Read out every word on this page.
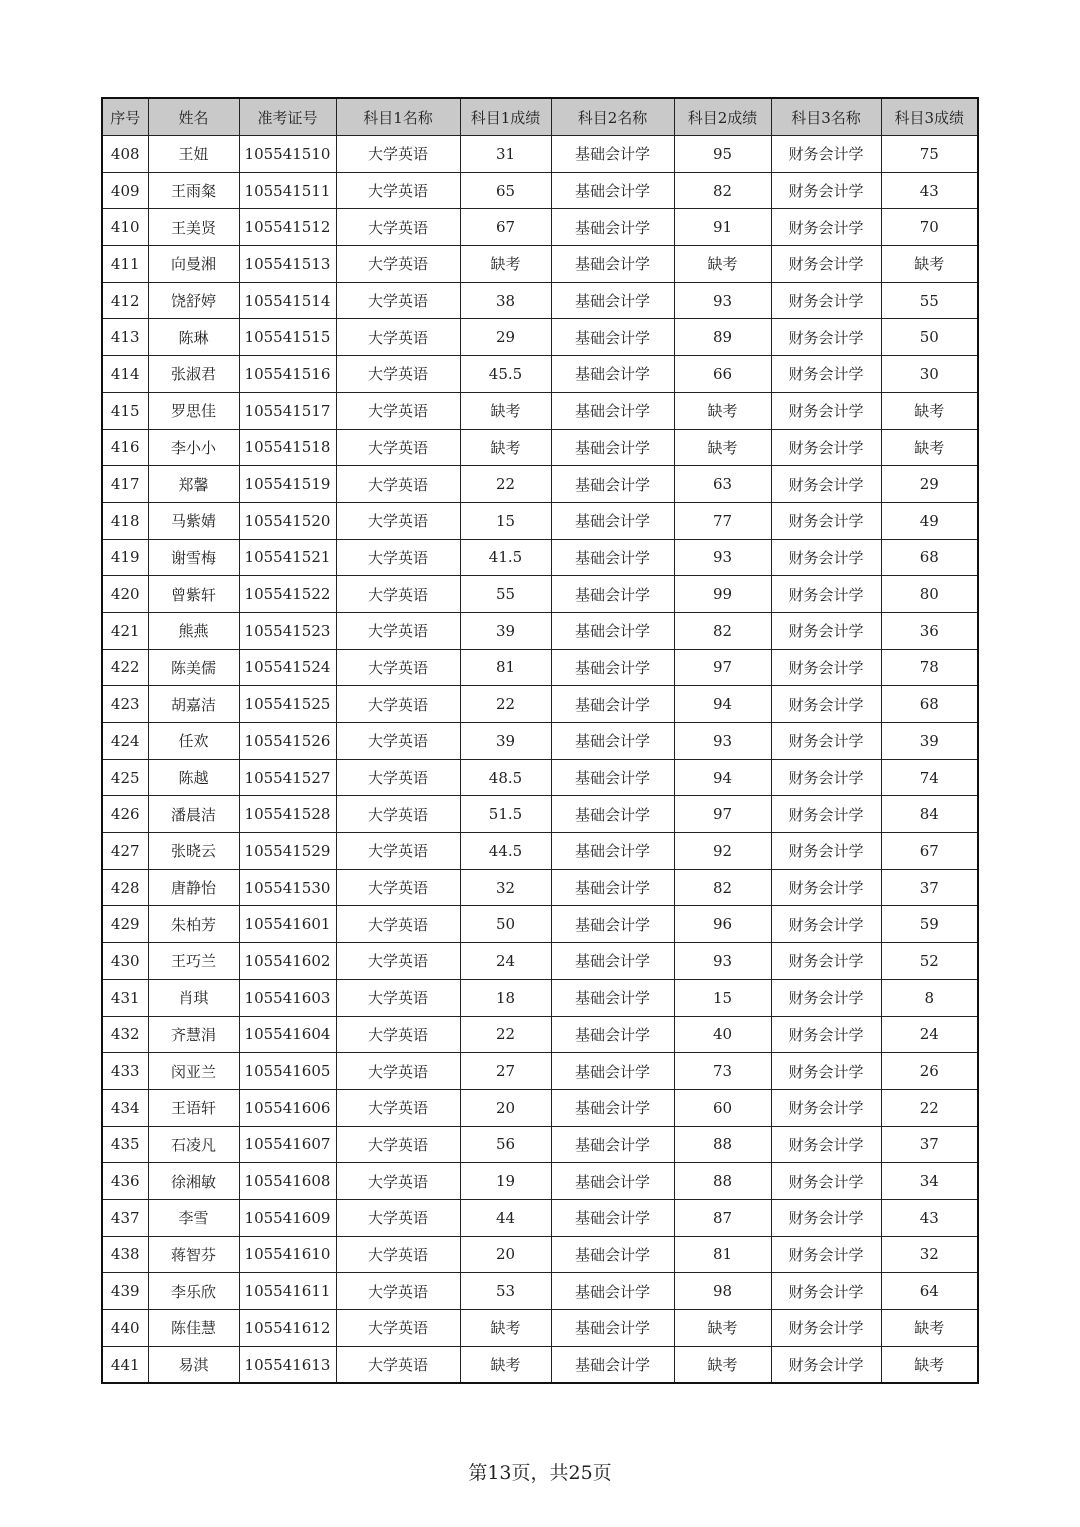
序号	姓名	准考证号	科目1名称	科目1成绩	科目2名称	科目2成绩	科目3名称	科目3成绩
408	王妞	105541510	大学英语	31	基础会计学	95	财务会计学	75
409	王雨粲	105541511	大学英语	65	基础会计学	82	财务会计学	43
410	王美贤	105541512	大学英语	67	基础会计学	91	财务会计学	70
411	向曼湘	105541513	大学英语	缺考	基础会计学	缺考	财务会计学	缺考
412	饶舒婷	105541514	大学英语	38	基础会计学	93	财务会计学	55
413	陈琳	105541515	大学英语	29	基础会计学	89	财务会计学	50
414	张淑君	105541516	大学英语	45.5	基础会计学	66	财务会计学	30
415	罗思佳	105541517	大学英语	缺考	基础会计学	缺考	财务会计学	缺考
416	李小小	105541518	大学英语	缺考	基础会计学	缺考	财务会计学	缺考
417	郑馨	105541519	大学英语	22	基础会计学	63	财务会计学	29
418	马紫婧	105541520	大学英语	15	基础会计学	77	财务会计学	49
419	谢雪梅	105541521	大学英语	41.5	基础会计学	93	财务会计学	68
420	曾紫轩	105541522	大学英语	55	基础会计学	99	财务会计学	80
421	熊燕	105541523	大学英语	39	基础会计学	82	财务会计学	36
422	陈美儒	105541524	大学英语	81	基础会计学	97	财务会计学	78
423	胡嘉洁	105541525	大学英语	22	基础会计学	94	财务会计学	68
424	任欢	105541526	大学英语	39	基础会计学	93	财务会计学	39
425	陈越	105541527	大学英语	48.5	基础会计学	94	财务会计学	74
426	潘晨洁	105541528	大学英语	51.5	基础会计学	97	财务会计学	84
427	张晓云	105541529	大学英语	44.5	基础会计学	92	财务会计学	67
428	唐静怡	105541530	大学英语	32	基础会计学	82	财务会计学	37
429	朱柏芳	105541601	大学英语	50	基础会计学	96	财务会计学	59
430	王巧兰	105541602	大学英语	24	基础会计学	93	财务会计学	52
431	肖琪	105541603	大学英语	18	基础会计学	15	财务会计学	8
432	齐慧涓	105541604	大学英语	22	基础会计学	40	财务会计学	24
433	闵亚兰	105541605	大学英语	27	基础会计学	73	财务会计学	26
434	王语轩	105541606	大学英语	20	基础会计学	60	财务会计学	22
435	石凌凡	105541607	大学英语	56	基础会计学	88	财务会计学	37
436	徐湘敏	105541608	大学英语	19	基础会计学	88	财务会计学	34
437	李雪	105541609	大学英语	44	基础会计学	87	财务会计学	43
438	蒋智芬	105541610	大学英语	20	基础会计学	81	财务会计学	32
439	李乐欣	105541611	大学英语	53	基础会计学	98	财务会计学	64
440	陈佳慧	105541612	大学英语	缺考	基础会计学	缺考	财务会计学	缺考
441	易淇	105541613	大学英语	缺考	基础会计学	缺考	财务会计学	缺考
第13页，共25页
